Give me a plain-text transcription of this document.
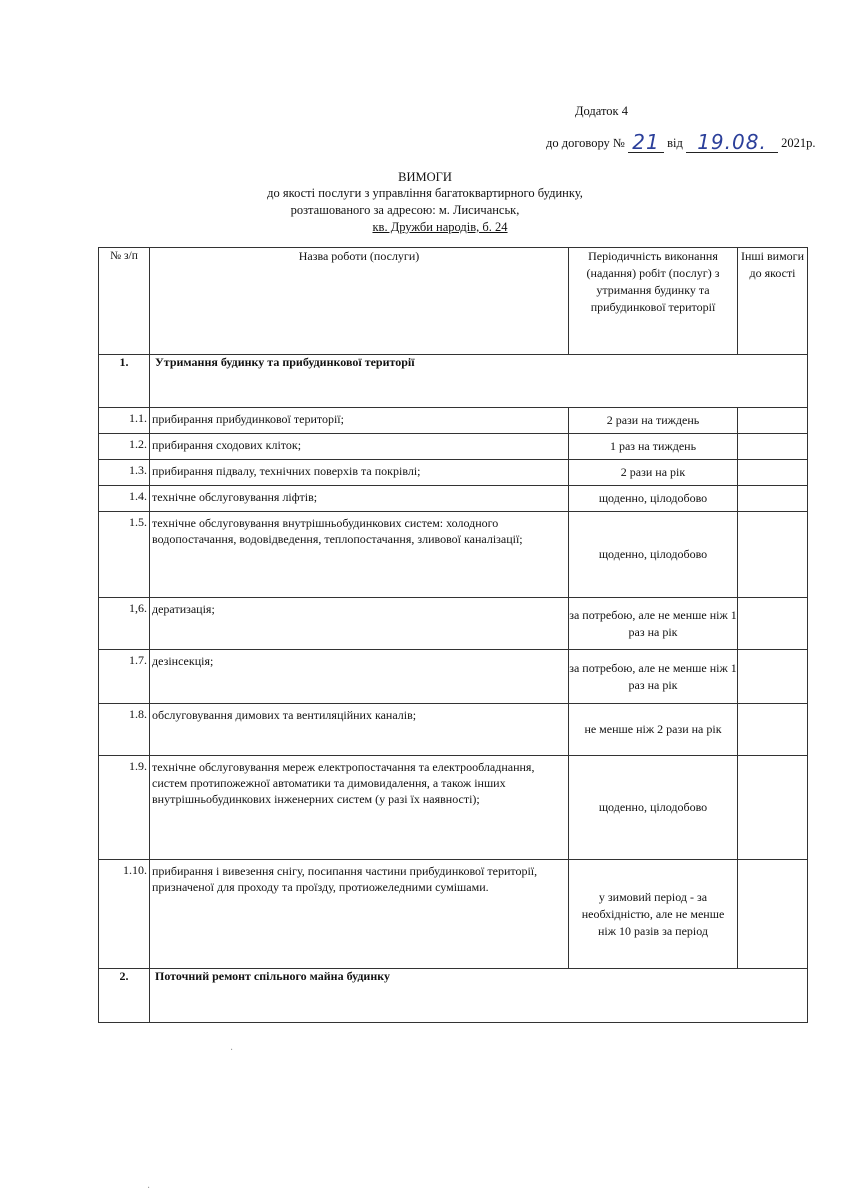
Додаток 4
до договору № 21 від 19.08. 2021р.
ВИМОГИ
до якості послуги з управління багатоквартирного будинку,
розташованого за адресою: м. Лисичанськ,
кв. Дружби народів, б. 24
№ з/п	Назва роботи (послуги)	Періодичність виконання (надання) робіт (послуг) з утримання будинку та прибудинкової території	Інші вимоги до якості
1.	Утримання будинку та прибудинкової території		
1.1.	прибирання прибудинкової території;	2 рази на тиждень	
1.2.	прибирання сходових кліток;	1 раз на тиждень	
1.3.	прибирання підвалу, технічних поверхів та покрівлі;	2 рази на рік	
1.4.	технічне обслуговування ліфтів;	щоденно, цілодобово	
1.5.	технічне обслуговування внутрішньобудинкових систем: холодного водопостачання, водовідведення, теплопостачання, зливової каналізації;	щоденно, цілодобово	
1,6.	дератизація;	за потребою, але не менше ніж 1 раз на рік	
1.7.	дезінсекція;	за потребою, але не менше ніж 1 раз на рік	
1.8.	обслуговування димових та вентиляційних каналів;	не менше ніж 2 рази на рік	
1.9.	технічне обслуговування мереж електропостачання та електрообладнання, систем протипожежної автоматики та димовидалення, а також інших внутрішньобудинкових інженерних систем (у разі їх наявності);	щоденно, цілодобово	
1.10.	прибирання і вивезення снігу, посипання частини прибудинкової території, призначеної для проходу та проїзду, протиожеледними сумішами.	у зимовий період - за необхідністю, але не менше ніж 10 разів за період	
2.	Поточний ремонт спільного майна будинку		
·
·
